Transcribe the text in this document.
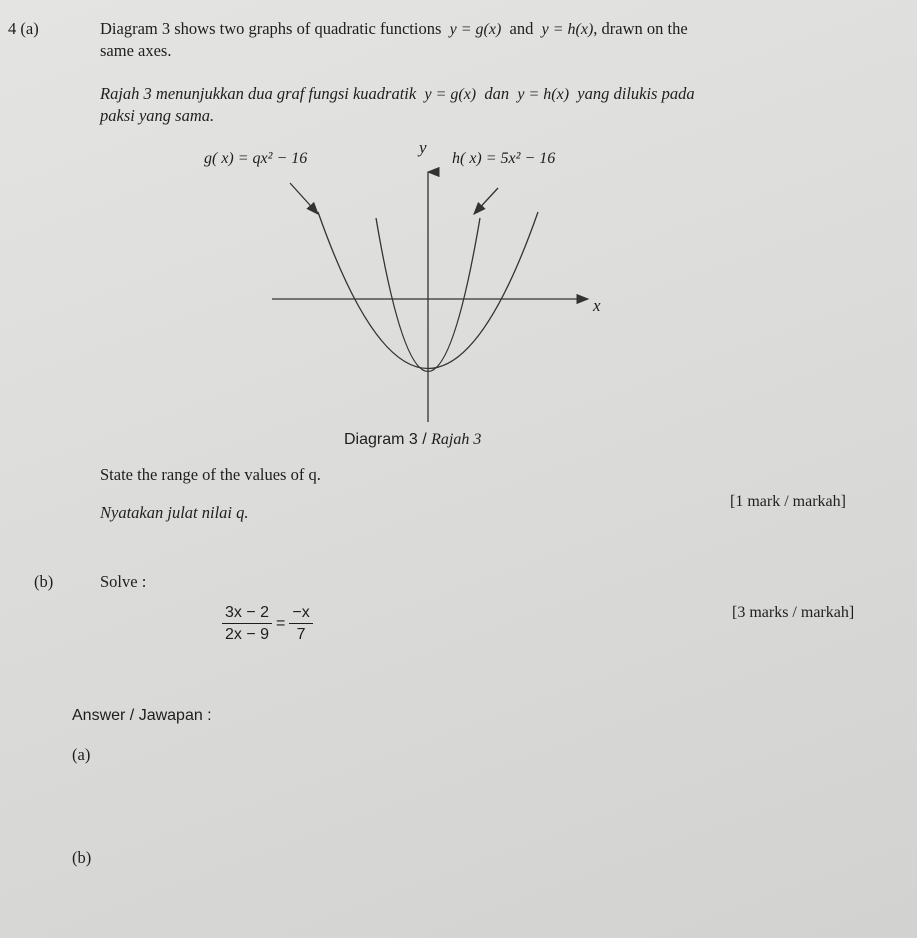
4 (a)	Diagram 3 shows two graphs of quadratic functions y = g(x) and y = h(x), drawn on the
same axes.
Rajah 3 menunjukkan dua graf fungsi kuadratik y = g(x) dan y = h(x) yang dilukis pada
paksi yang sama.
g( x) = qx² − 16	h( x) = 5x² − 16
y
x
Diagram 3 / Rajah 3
State the range of the values of q.
Nyatakan julat nilai q.
[1 mark / markah]
(b)	Solve :
$\frac{3x - 2}{2x - 9} = \frac{-x}{7}$	[3 marks / markah]
Answer / Jawapan :
(a)
(b)
